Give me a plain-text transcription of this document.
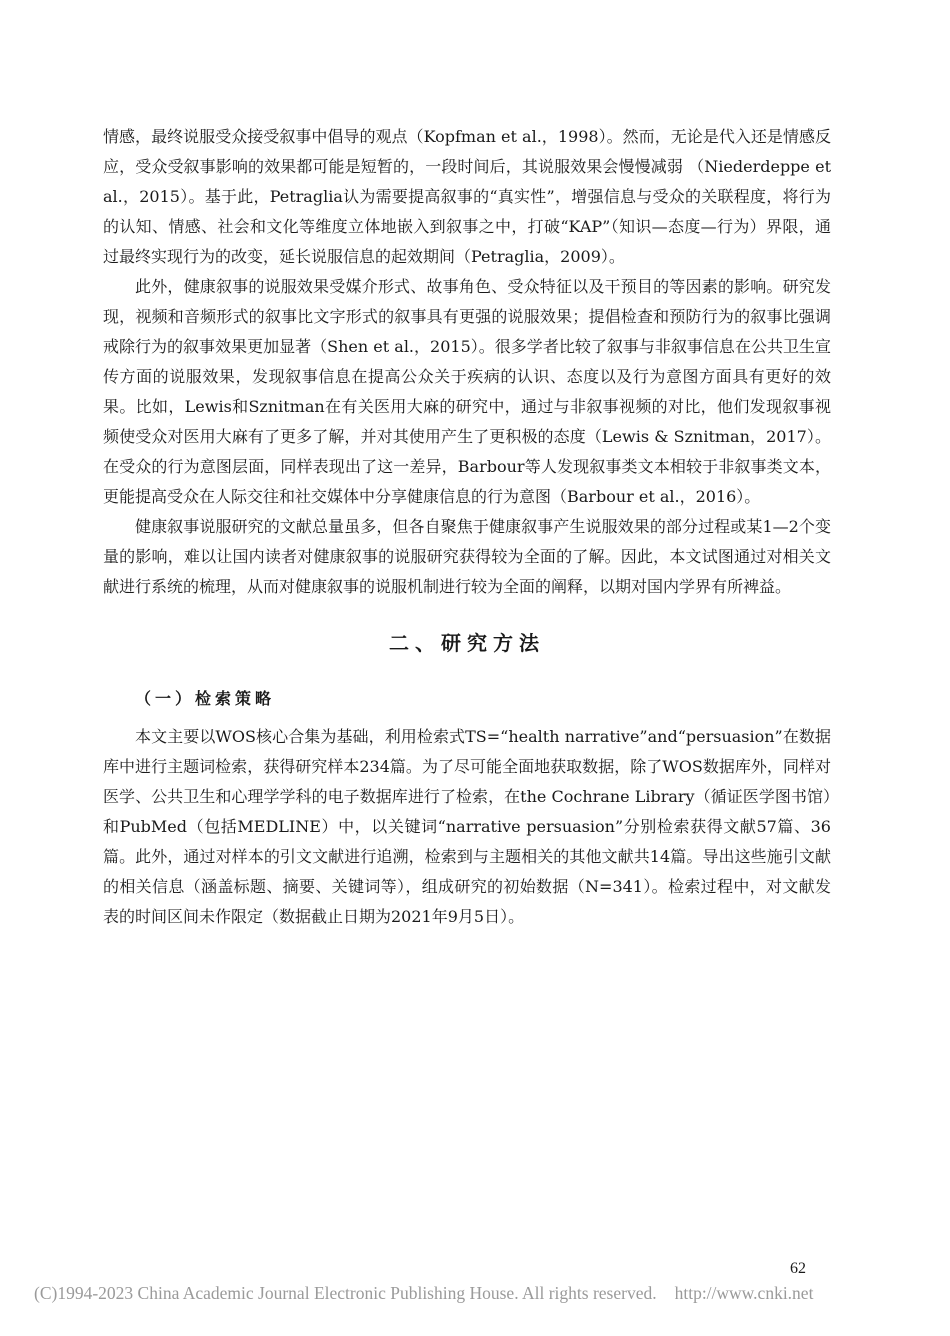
情感，最终说服受众接受叙事中倡导的观点（Kopfman et al.，1998）。然而，无论是代入还是情感反应，受众受叙事影响的效果都可能是短暂的，一段时间后，其说服效果会慢慢减弱 （Niederdeppe et al.，2015）。基于此，Petraglia认为需要提高叙事的“真实性”，增强信息与受众的关联程度，将行为的认知、情感、社会和文化等维度立体地嵌入到叙事之中，打破“KAP”（知识—态度—行为）界限，通过最终实现行为的改变，延长说服信息的起效期间（Petraglia，2009）。

此外，健康叙事的说服效果受媒介形式、故事角色、受众特征以及干预目的等因素的影响。研究发现，视频和音频形式的叙事比文字形式的叙事具有更强的说服效果；提倡检查和预防行为的叙事比强调戒除行为的叙事效果更加显著（Shen et al.，2015）。很多学者比较了叙事与非叙事信息在公共卫生宣传方面的说服效果，发现叙事信息在提高公众关于疾病的认识、态度以及行为意图方面具有更好的效果。比如，Lewis和Sznitman在有关医用大麻的研究中，通过与非叙事视频的对比，他们发现叙事视频使受众对医用大麻有了更多了解，并对其使用产生了更积极的态度（Lewis & Sznitman，2017）。在受众的行为意图层面，同样表现出了这一差异，Barbour等人发现叙事类文本相较于非叙事类文本，更能提高受众在人际交往和社交媒体中分享健康信息的行为意图（Barbour et al.，2016）。

健康叙事说服研究的文献总量虽多，但各自聚焦于健康叙事产生说服效果的部分过程或某1—2个变量的影响，难以让国内读者对健康叙事的说服研究获得较为全面的了解。因此，本文试图通过对相关文献进行系统的梳理，从而对健康叙事的说服机制进行较为全面的阐释，以期对国内学界有所裨益。

二、研究方法
（一）检索策略

本文主要以WOS核心合集为基础，利用检索式TS=“health narrative”and“persuasion”在数据库中进行主题词检索，获得研究样本234篇。为了尽可能全面地获取数据，除了WOS数据库外，同样对医学、公共卫生和心理学学科的电子数据库进行了检索，在the Cochrane Library（循证医学图书馆）和PubMed（包括MEDLINE）中，以关键词“narrative persuasion”分别检索获得文献57篇、36篇。此外，通过对样本的引文文献进行追溯，检索到与主题相关的其他文献共14篇。导出这些施引文献的相关信息（涵盖标题、摘要、关键词等），组成研究的初始数据（N=341）。检索过程中，对文献发表的时间区间未作限定（数据截止日期为2021年9月5日）。

62
(C)1994-2023 China Academic Journal Electronic Publishing House. All rights reserved. http://www.cnki.net
